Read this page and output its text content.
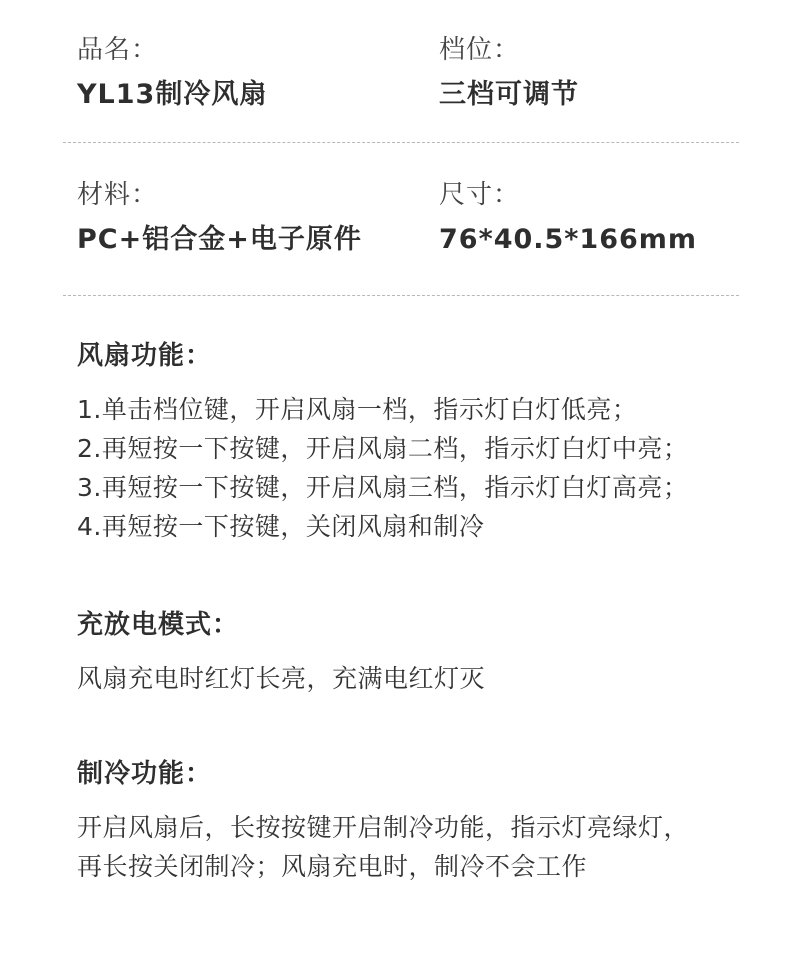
品名：
YL13制冷风扇
档位：
三档可调节
材料：
PC+铝合金+电子原件
尺寸：
76*40.5*166mm
风扇功能：
1.单击档位键，开启风扇一档，指示灯白灯低亮；
2.再短按一下按键，开启风扇二档，指示灯白灯中亮；
3.再短按一下按键，开启风扇三档，指示灯白灯高亮；
4.再短按一下按键，关闭风扇和制冷
充放电模式：
风扇充电时红灯长亮，充满电红灯灭
制冷功能：
开启风扇后，长按按键开启制冷功能，指示灯亮绿灯，
再长按关闭制冷；风扇充电时，制冷不会工作
